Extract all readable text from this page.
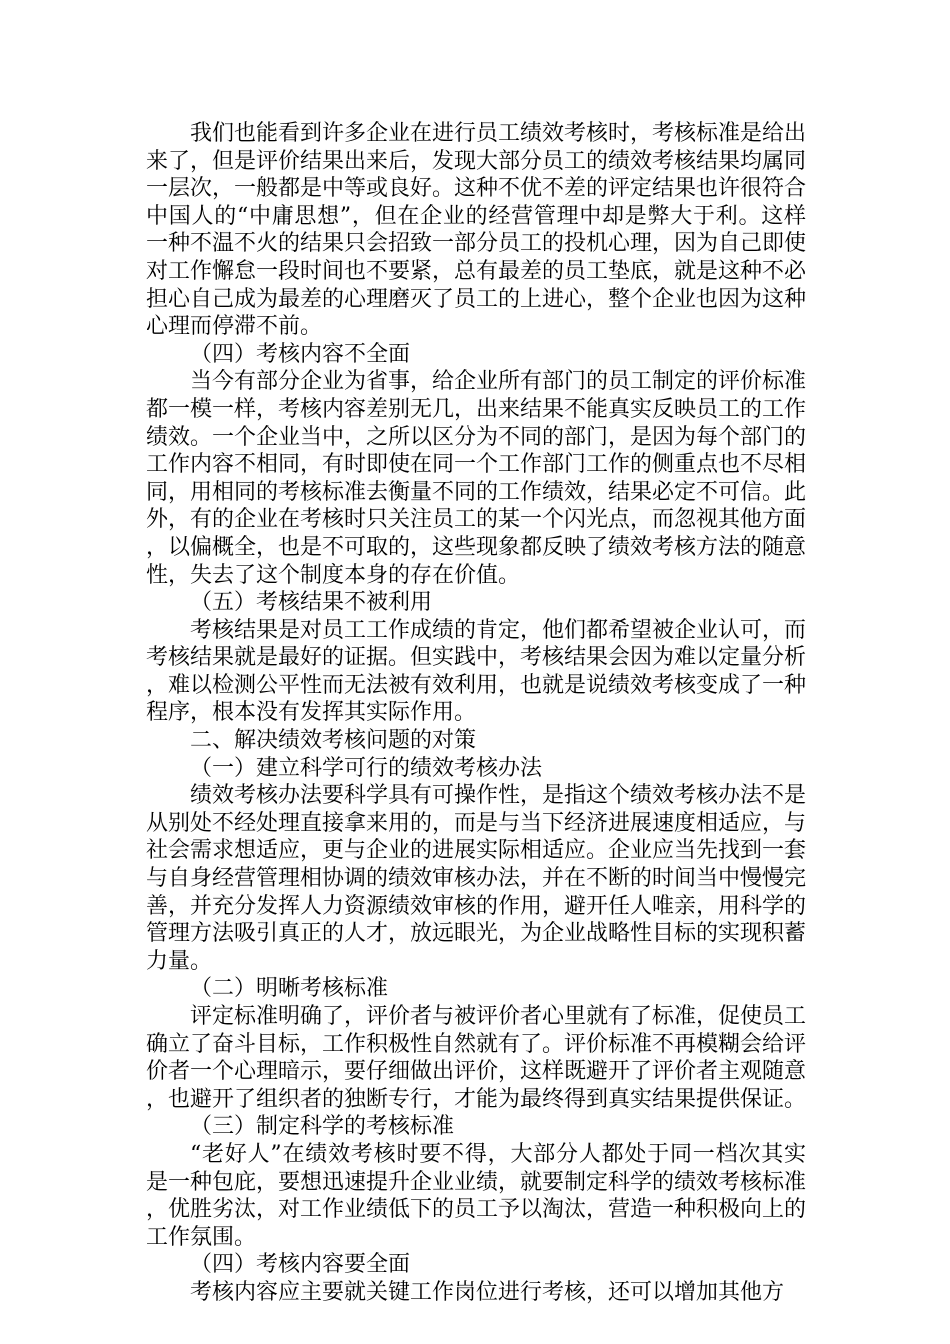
我们也能看到许多企业在进行员工绩效考核时，考核标准是给出来了，但是评价结果出来后，发现大部分员工的绩效考核结果均属同一层次，一般都是中等或良好。这种不优不差的评定结果也许很符合中国人的“中庸思想”，但在企业的经营管理中却是弊大于利。这样一种不温不火的结果只会招致一部分员工的投机心理，因为自己即使对工作懈怠一段时间也不要紧，总有最差的员工垫底，就是这种不必担心自己成为最差的心理磨灭了员工的上进心，整个企业也因为这种心理而停滞不前。

（四）考核内容不全面

当今有部分企业为省事，给企业所有部门的员工制定的评价标准都一模一样，考核内容差别无几，出来结果不能真实反映员工的工作绩效。一个企业当中，之所以区分为不同的部门，是因为每个部门的工作内容不相同，有时即使在同一个工作部门工作的侧重点也不尽相同，用相同的考核标准去衡量不同的工作绩效，结果必定不可信。此外，有的企业在考核时只关注员工的某一个闪光点，而忽视其他方面，以偏概全，也是不可取的，这些现象都反映了绩效考核方法的随意性，失去了这个制度本身的存在价值。

（五）考核结果不被利用

考核结果是对员工工作成绩的肯定，他们都希望被企业认可，而考核结果就是最好的证据。但实践中，考核结果会因为难以定量分析，难以检测公平性而无法被有效利用，也就是说绩效考核变成了一种程序，根本没有发挥其实际作用。

二、解决绩效考核问题的对策

（一）建立科学可行的绩效考核办法

绩效考核办法要科学具有可操作性，是指这个绩效考核办法不是从别处不经处理直接拿来用的，而是与当下经济进展速度相适应，与社会需求想适应，更与企业的进展实际相适应。企业应当先找到一套与自身经营管理相协调的绩效审核办法，并在不断的时间当中慢慢完善，并充分发挥人力资源绩效审核的作用，避开任人唯亲，用科学的管理方法吸引真正的人才，放远眼光，为企业战略性目标的实现积蓄力量。

（二）明晰考核标准

评定标准明确了，评价者与被评价者心里就有了标准，促使员工确立了奋斗目标，工作积极性自然就有了。评价标准不再模糊会给评价者一个心理暗示，要仔细做出评价，这样既避开了评价者主观随意，也避开了组织者的独断专行，才能为最终得到真实结果提供保证。

（三）制定科学的考核标准

“老好人”在绩效考核时要不得，大部分人都处于同一档次其实是一种包庇，要想迅速提升企业业绩，就要制定科学的绩效考核标准，优胜劣汰，对工作业绩低下的员工予以淘汰，营造一种积极向上的工作氛围。

（四）考核内容要全面

考核内容应主要就关键工作岗位进行考核，还可以增加其他方
